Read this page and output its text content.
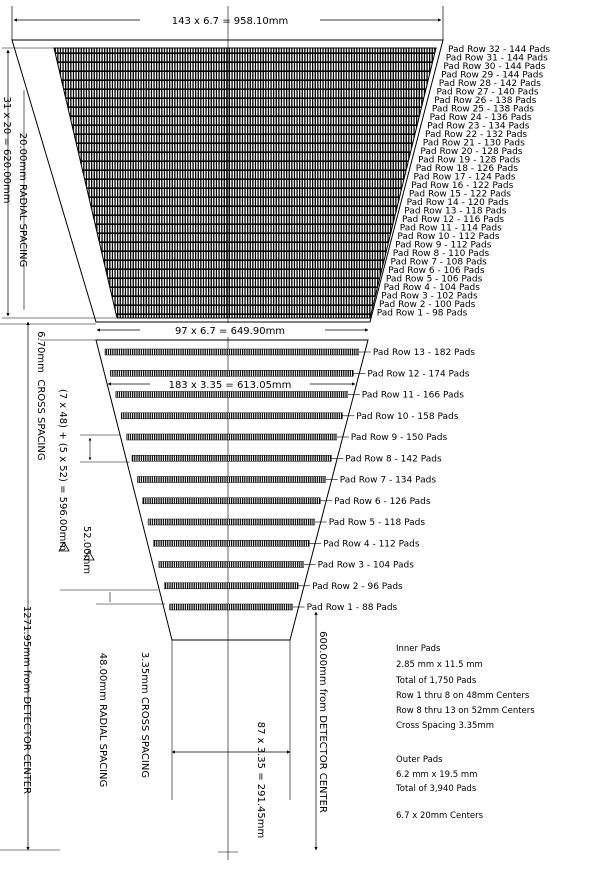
143 x 6.7 = 958.10mm
31 x 20 = 620.00mm 20.00mm RADIAL SPACING
Pad Row 32 - 144 Pads
Pad Row 31 - 144 Pads
Pad Row 30 - 144 Pads
Pad Row 29 - 144 Pads
Pad Row 28 - 142 Pads
Pad Row 27 - 140 Pads
Pad Row 26 - 138 Pads
Pad Row 25 - 138 Pads
Pad Row 24 - 136 Pads
Pad Row 23 - 134 Pads
Pad Row 22 - 132 Pads
Pad Row 21 - 130 Pads
Pad Row 20 - 128 Pads
Pad Row 19 - 128 Pads
Pad Row 18 - 126 Pads
Pad Row 17 - 124 Pads
Pad Row 16 - 122 Pads
Pad Row 15 - 122 Pads
Pad Row 14 - 120 Pads
Pad Row 13 - 118 Pads
Pad Row 12 - 116 Pads
Pad Row 11 - 114 Pads
Pad Row 10 - 112 Pads
Pad Row 9 - 112 Pads
Pad Row 8 - 110 Pads
Pad Row 7 - 108 Pads
Pad Row 6 - 106 Pads
Pad Row 5 - 106 Pads
Pad Row 4 - 104 Pads
Pad Row 3 - 102 Pads
Pad Row 2 - 100 Pads
Pad Row 1 - 98 Pads
97 x 6.7 = 649.90mm
183 x 3.35 = 613.05mm
6.70mm
CROSS SPACING (7 x 48) + (5 x 52) = 596.00mm 52.00mm
1271.95mm from DETECTOR CENTER	48.00mm RADIAL SPACING	3.35mm CROSS SPACING
87 x 3.35 = 291.45mm	600.00mm from DETECTOR CENTER
Pad Row 13 - 182 Pads
Pad Row 12 - 174 Pads
Pad Row 11 - 166 Pads
Pad Row 10 - 158 Pads
Pad Row 9 - 150 Pads
Pad Row 8 - 142 Pads
Pad Row 7 - 134 Pads
Pad Row 6 - 126 Pads
Pad Row 5 - 118 Pads
Pad Row 4 - 112 Pads
Pad Row 3 - 104 Pads
Pad Row 2 - 96 Pads
Pad Row 1 - 88 Pads
Inner Pads
2.85 mm x 11.5 mm
Total of 1,750 Pads
Row 1 thru 8 on 48mm Centers
Row 8 thru 13 on 52mm Centers
Cross Spacing 3.35mm
Outer Pads
6.2 mm x 19.5 mm
Total of 3,940 Pads
6.7 x 20mm Centers
